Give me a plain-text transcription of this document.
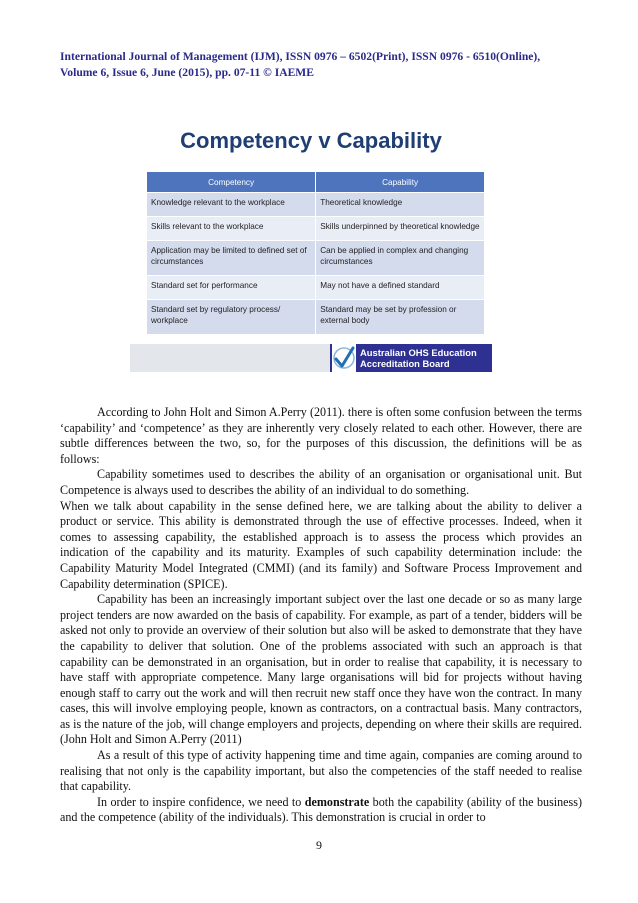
International Journal of Management (IJM), ISSN 0976 – 6502(Print), ISSN 0976 - 6510(Online),
Volume 6, Issue 6, June (2015), pp. 07-11 © IAEME
Competency v Capability
Competency	Capability
Knowledge relevant to the workplace	Theoretical knowledge
Skills relevant to the workplace	Skills underpinned by theoretical knowledge
Application may be limited to defined set of circumstances	Can be applied in complex and changing circumstances
Standard set for performance	May not have a defined standard
Standard set by regulatory process/ workplace	Standard may be set by profession or external body
Australian OHS Education
Accreditation Board

According to John Holt and Simon A.Perry (2011). there is often some confusion between the terms ‘capability’ and ‘competence’ as they are inherently very closely related to each other. However, there are subtle differences between the two, so, for the purposes of this discussion, the definitions will be as follows:

Capability sometimes used to describes the ability of an organisation or organisational unit. But Competence is always used to describes the ability of an individual to do something.

When we talk about capability in the sense defined here, we are talking about the ability to deliver a product or service. This ability is demonstrated through the use of effective processes. Indeed, when it comes to assessing capability, the established approach is to assess the process which provides an indication of the capability and its maturity. Examples of such capability determination include: the Capability Maturity Model Integrated (CMMI) (and its family) and Software Process Improvement and Capability determination (SPICE).

Capability has been an increasingly important subject over the last one decade or so as many large project tenders are now awarded on the basis of capability. For example, as part of a tender, bidders will be asked not only to provide an overview of their solution but also will be asked to demonstrate that they have the capability to deliver that solution. One of the problems associated with such an approach is that capability can be demonstrated in an organisation, but in order to realise that capability, it is necessary to have staff with appropriate competence. Many large organisations will bid for projects without having enough staff to carry out the work and will then recruit new staff once they have won the contract. In many cases, this will involve employing people, known as contractors, on a contractual basis. Many contractors, as is the nature of the job, will change employers and projects, depending on where their skills are required. (John Holt and Simon A.Perry (2011)

As a result of this type of activity happening time and time again, companies are coming around to realising that not only is the capability important, but also the competencies of the staff needed to realise that capability.

In order to inspire confidence, we need to demonstrate both the capability (ability of the business) and the competence (ability of the individuals). This demonstration is crucial in order to

9
